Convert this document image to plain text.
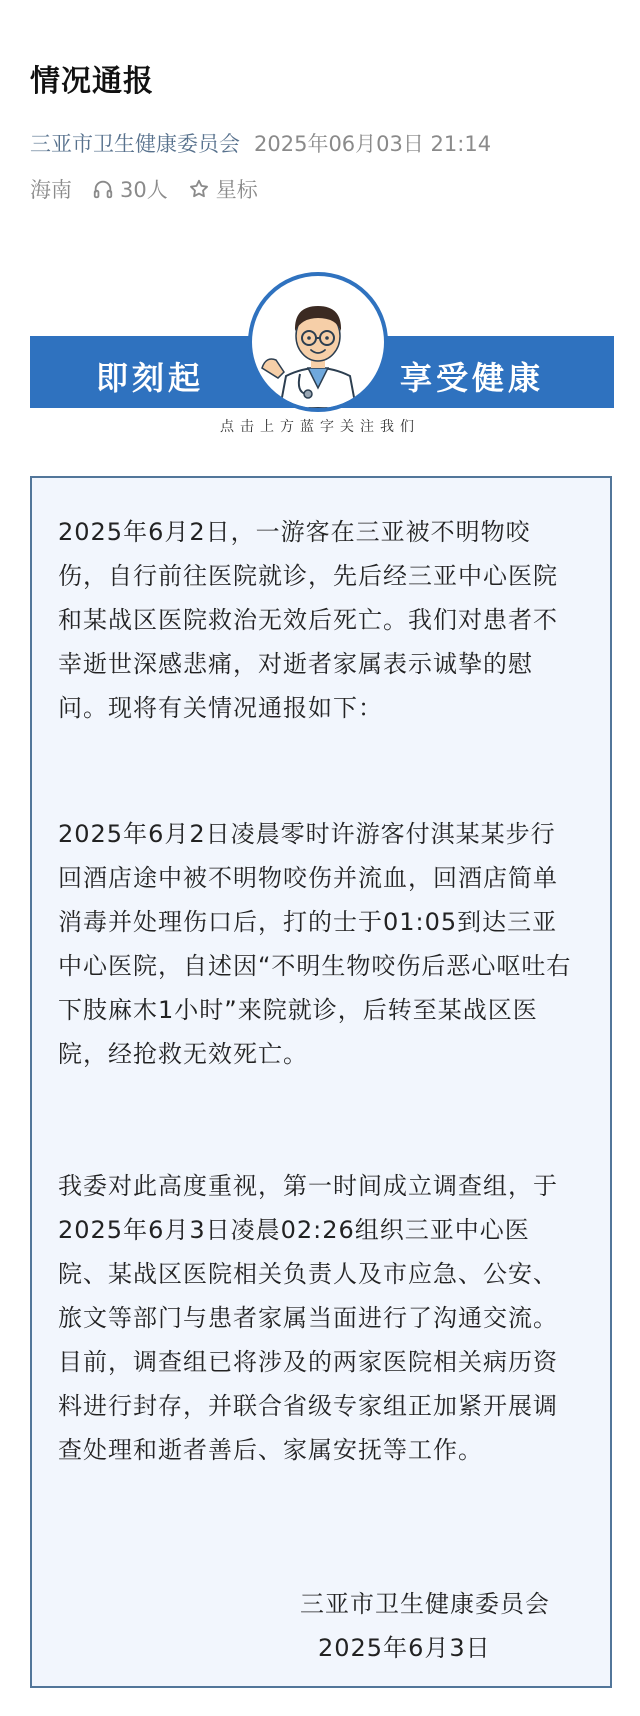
情况通报
三亚市卫生健康委员会 2025年06月03日 21:14
海南 30人 星标
即刻起	享受健康
点击上方蓝字关注我们
2025年6月2日，一游客在三亚被不明物咬伤，自行前往医院就诊，先后经三亚中心医院和某战区医院救治无效后死亡。我们对患者不幸逝世深感悲痛，对逝者家属表示诚挚的慰问。现将有关情况通报如下：
2025年6月2日凌晨零时许游客付淇某某步行回酒店途中被不明物咬伤并流血，回酒店简单消毒并处理伤口后，打的士于01:05到达三亚中心医院，自述因“不明生物咬伤后恶心呕吐右下肢麻木1小时”来院就诊，后转至某战区医院，经抢救无效死亡。
我委对此高度重视，第一时间成立调查组，于2025年6月3日凌晨02:26组织三亚中心医院、某战区医院相关负责人及市应急、公安、旅文等部门与患者家属当面进行了沟通交流。目前，调查组已将涉及的两家医院相关病历资料进行封存，并联合省级专家组正加紧开展调查处理和逝者善后、家属安抚等工作。
三亚市卫生健康委员会
2025年6月3日
